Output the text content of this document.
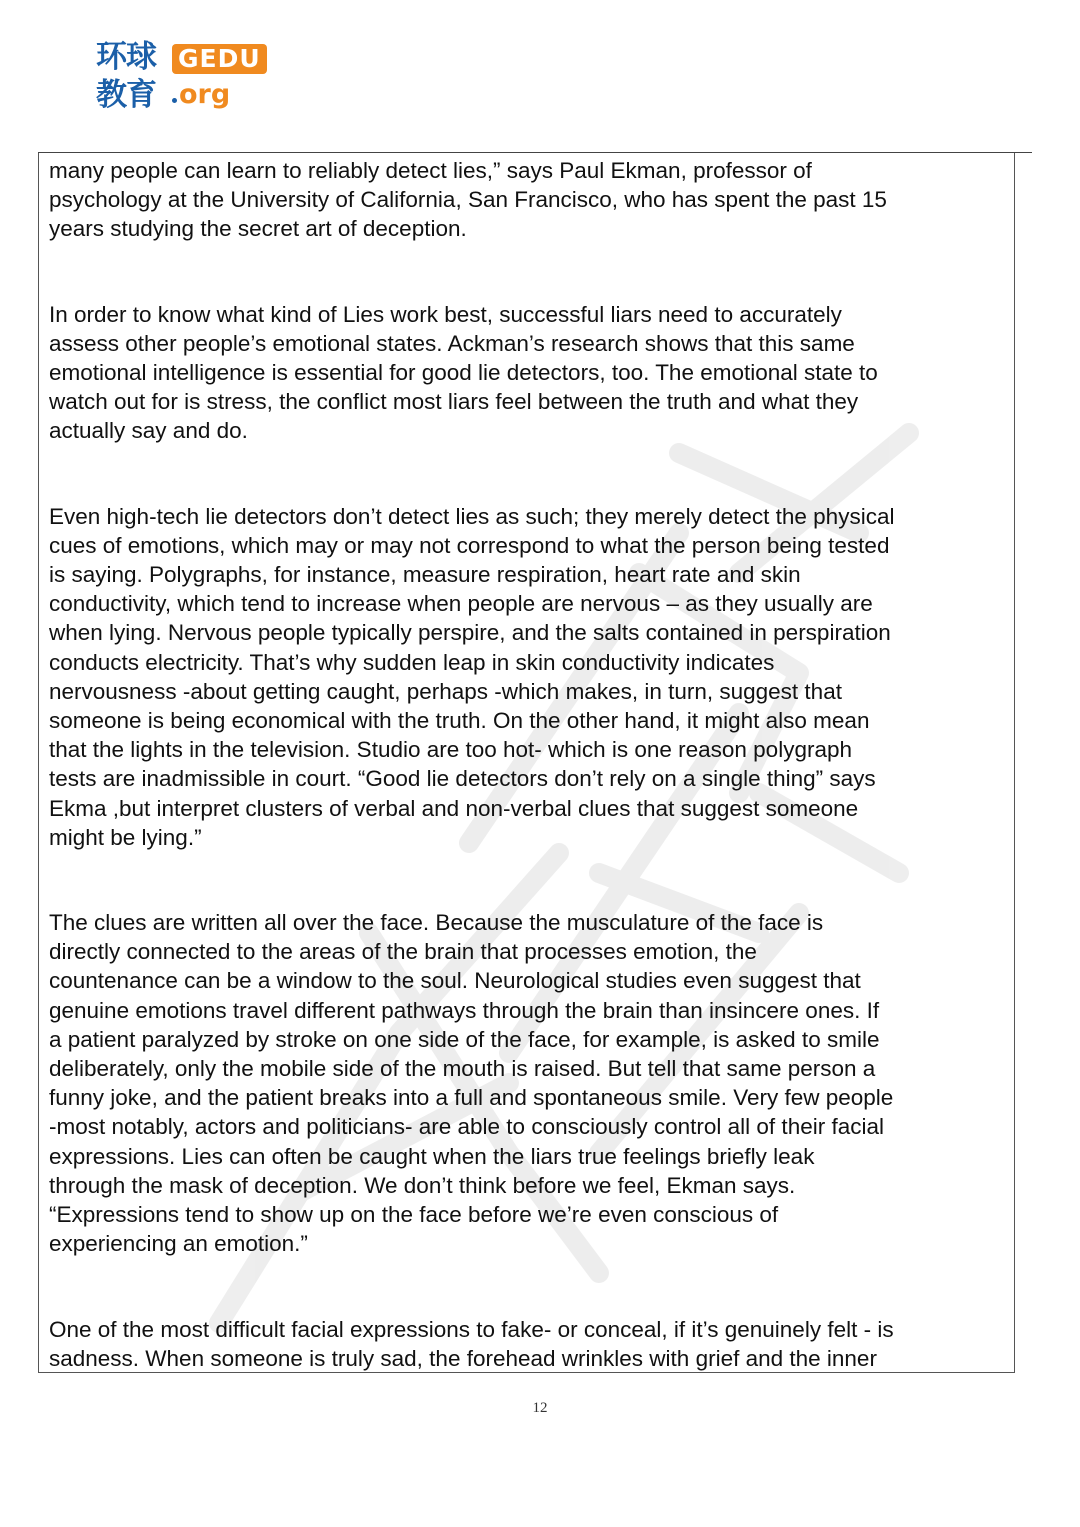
环球
教育
GEDU
org

many people can learn to reliably detect lies,” says Paul Ekman, professor of
psychology at the University of California, San Francisco, who has spent the past 15
years studying the secret art of deception.

In order to know what kind of Lies work best, successful liars need to accurately
assess other people’s emotional states. Ackman’s research shows that this same
emotional intelligence is essential for good lie detectors, too. The emotional state to
watch out for is stress, the conflict most liars feel between the truth and what they
actually say and do.

Even high-tech lie detectors don’t detect lies as such; they merely detect the physical
cues of emotions, which may or may not correspond to what the person being tested
is saying. Polygraphs, for instance, measure respiration, heart rate and skin
conductivity, which tend to increase when people are nervous – as they usually are
when lying. Nervous people typically perspire, and the salts contained in perspiration
conducts electricity. That’s why sudden leap in skin conductivity indicates
nervousness -about getting caught, perhaps -which makes, in turn, suggest that
someone is being economical with the truth. On the other hand, it might also mean
that the lights in the television. Studio are too hot- which is one reason polygraph
tests are inadmissible in court. “Good lie detectors don’t rely on a single thing” says
Ekma ,but interpret clusters of verbal and non-verbal clues that suggest someone
might be lying.”

The clues are written all over the face. Because the musculature of the face is
directly connected to the areas of the brain that processes emotion, the
countenance can be a window to the soul. Neurological studies even suggest that
genuine emotions travel different pathways through the brain than insincere ones. If
a patient paralyzed by stroke on one side of the face, for example, is asked to smile
deliberately, only the mobile side of the mouth is raised. But tell that same person a
funny joke, and the patient breaks into a full and spontaneous smile. Very few people
-most notably, actors and politicians- are able to consciously control all of their facial
expressions. Lies can often be caught when the liars true feelings briefly leak
through the mask of deception. We don’t think before we feel, Ekman says.
“Expressions tend to show up on the face before we’re even conscious of
experiencing an emotion.”

One of the most difficult facial expressions to fake- or conceal, if it’s genuinely felt - is
sadness. When someone is truly sad, the forehead wrinkles with grief and the inner

12
